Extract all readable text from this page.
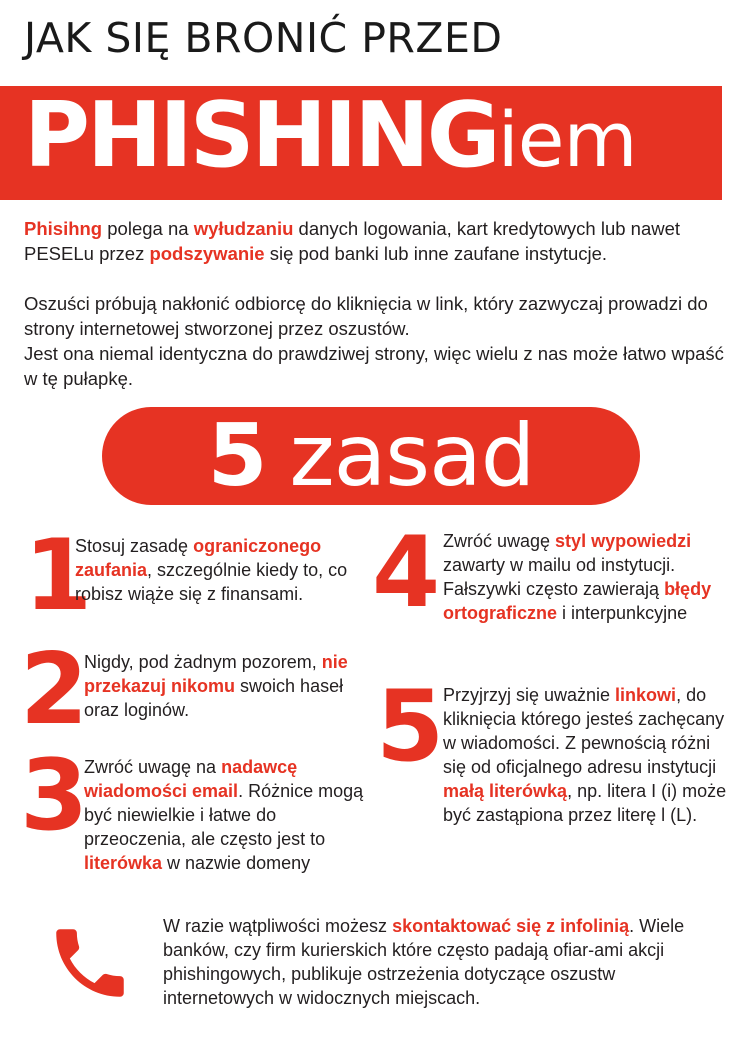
JAK SIĘ BRONIĆ PRZED
PHISHINGiem

Phisihng polega na wyłudzaniu danych logowania, kart kredytowych lub nawet PESELu przez podszywanie się pod banki lub inne zaufane instytucje.

Oszuści próbują nakłonić odbiorcę do kliknięcia w link, który zazwyczaj prowadzi do strony internetowej stworzonej przez oszustów.

Jest ona niemal identyczna do prawdziwej strony, więc wielu z nas może łatwo wpaść w tę pułapkę.

5 zasad
1
Stosuj zasadę ograniczonego zaufania, szczególnie kiedy to, co robisz wiąże się z finansami.
2
Nigdy, pod żadnym pozorem, nie przekazuj nikomu swoich haseł oraz loginów.
3
Zwróć uwagę na nadawcę wiadomości email. Różnice mogą być niewielkie i łatwe do przeoczenia, ale często jest to literówka w nazwie domeny
4 Zwróć uwagę styl wypowiedzi zawarty w mailu od instytucji. Fałszywki często zawierają błędy ortograficzne i interpunkcyjne
5
Przyjrzyj się uważnie linkowi, do kliknięcia którego jesteś zachęcany w wiadomości. Z pewnością różni się od oficjalnego adresu instytucji małą literówką, np. litera I (i) może być zastąpiona przez literę l (L).
W razie wątpliwości możesz skontaktować się z infolinią. Wiele banków, czy firm kurierskich które często padają ofiar-ami akcji phishingowych, publikuje ostrzeżenia dotyczące oszustw internetowych w widocznych miejscach.
